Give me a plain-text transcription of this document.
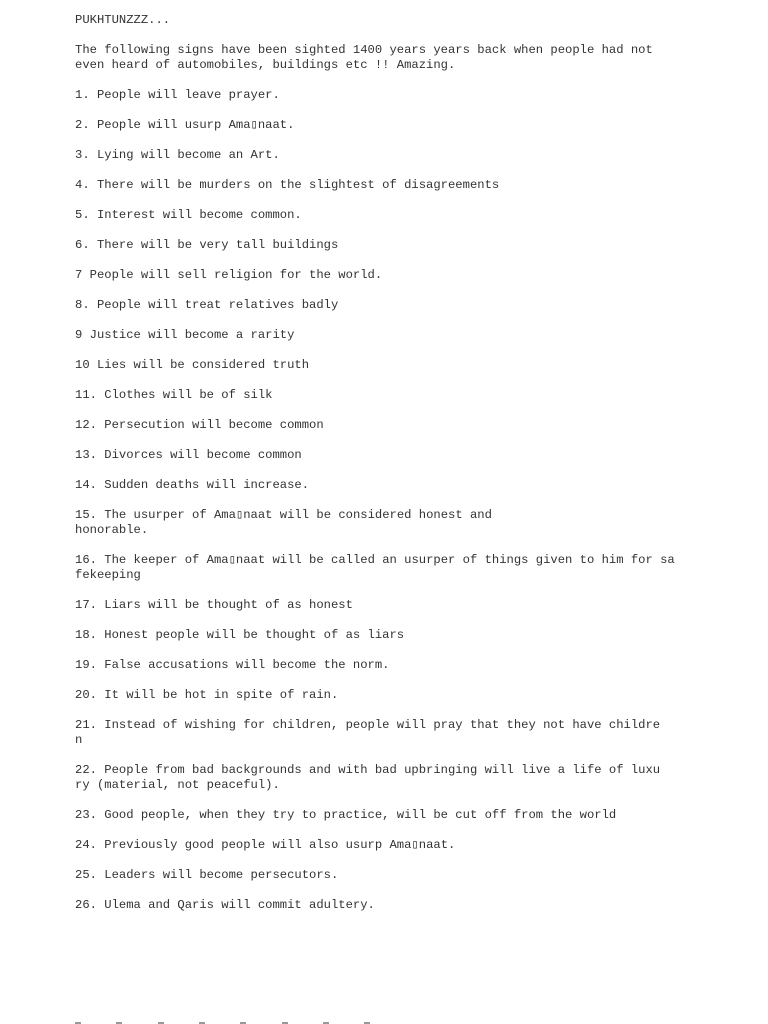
PUKHTUNZZZ...

The following signs have been sighted 1400 years years back when people had not

even heard of automobiles, buildings etc !! Amazing.

1. People will leave prayer.

2. People will usurp Ama▯naat.

3. Lying will become an Art.

4. There will be murders on the slightest of disagreements

5. Interest will become common.

6. There will be very tall buildings

7 People will sell religion for the world.

8. People will treat relatives badly

9 Justice will become a rarity

10 Lies will be considered truth

11. Clothes will be of silk

12. Persecution will become common

13. Divorces will become common

14. Sudden deaths will increase.

15. The usurper of Ama▯naat will be considered honest and

honorable.

16. The keeper of Ama▯naat will be called an usurper of things given to him for sa

fekeeping

17. Liars will be thought of as honest

18. Honest people will be thought of as liars

19. False accusations will become the norm.

20. It will be hot in spite of rain.

21. Instead of wishing for children, people will pray that they not have childre

n

22. People from bad backgrounds and with bad upbringing will live a life of luxu

ry (material, not peaceful).

23. Good people, when they try to practice, will be cut off from the world

24. Previously good people will also usurp Ama▯naat.

25. Leaders will become persecutors.

26. Ulema and Qaris will commit adultery.
